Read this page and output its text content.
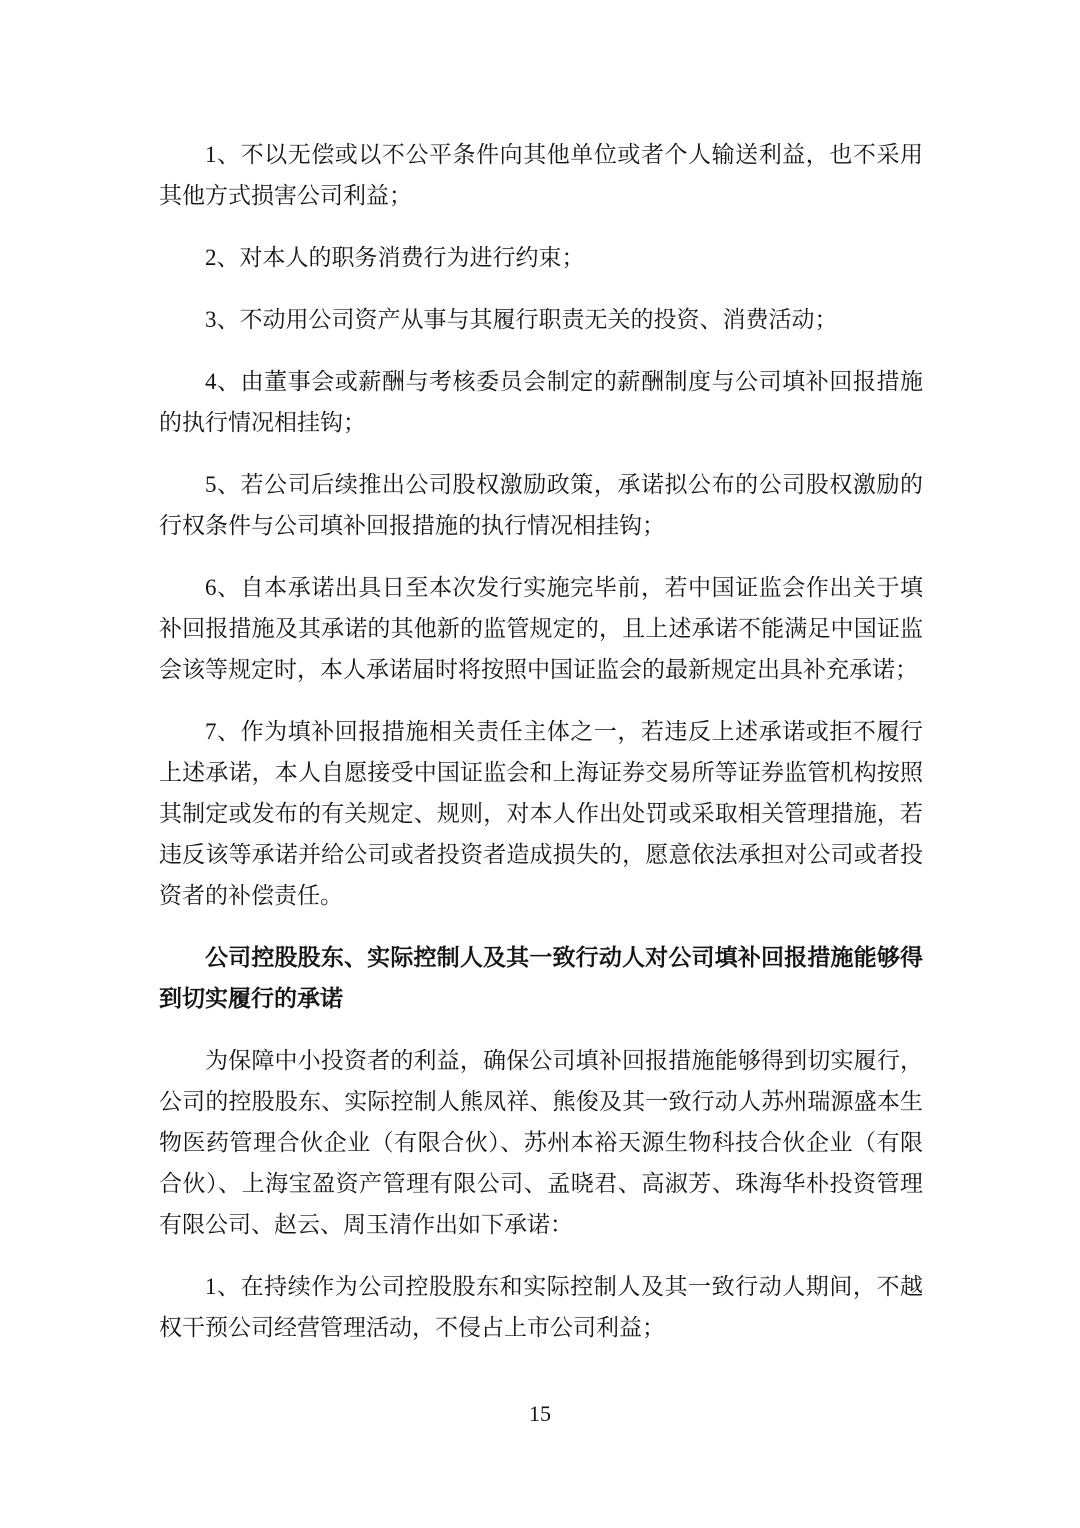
1、不以无偿或以不公平条件向其他单位或者个人输送利益，也不采用其他方式损害公司利益；

2、对本人的职务消费行为进行约束；

3、不动用公司资产从事与其履行职责无关的投资、消费活动；

4、由董事会或薪酬与考核委员会制定的薪酬制度与公司填补回报措施的执行情况相挂钩；

5、若公司后续推出公司股权激励政策，承诺拟公布的公司股权激励的行权条件与公司填补回报措施的执行情况相挂钩；

6、自本承诺出具日至本次发行实施完毕前，若中国证监会作出关于填补回报措施及其承诺的其他新的监管规定的，且上述承诺不能满足中国证监会该等规定时，本人承诺届时将按照中国证监会的最新规定出具补充承诺；

7、作为填补回报措施相关责任主体之一，若违反上述承诺或拒不履行上述承诺，本人自愿接受中国证监会和上海证券交易所等证券监管机构按照其制定或发布的有关规定、规则，对本人作出处罚或采取相关管理措施，若违反该等承诺并给公司或者投资者造成损失的，愿意依法承担对公司或者投资者的补偿责任。

公司控股股东、实际控制人及其一致行动人对公司填补回报措施能够得到切实履行的承诺

为保障中小投资者的利益，确保公司填补回报措施能够得到切实履行，公司的控股股东、实际控制人熊凤祥、熊俊及其一致行动人苏州瑞源盛本生物医药管理合伙企业（有限合伙）、苏州本裕天源生物科技合伙企业（有限合伙）、上海宝盈资产管理有限公司、孟晓君、高淑芳、珠海华朴投资管理有限公司、赵云、周玉清作出如下承诺：

1、在持续作为公司控股股东和实际控制人及其一致行动人期间，不越权干预公司经营管理活动，不侵占上市公司利益；

15
